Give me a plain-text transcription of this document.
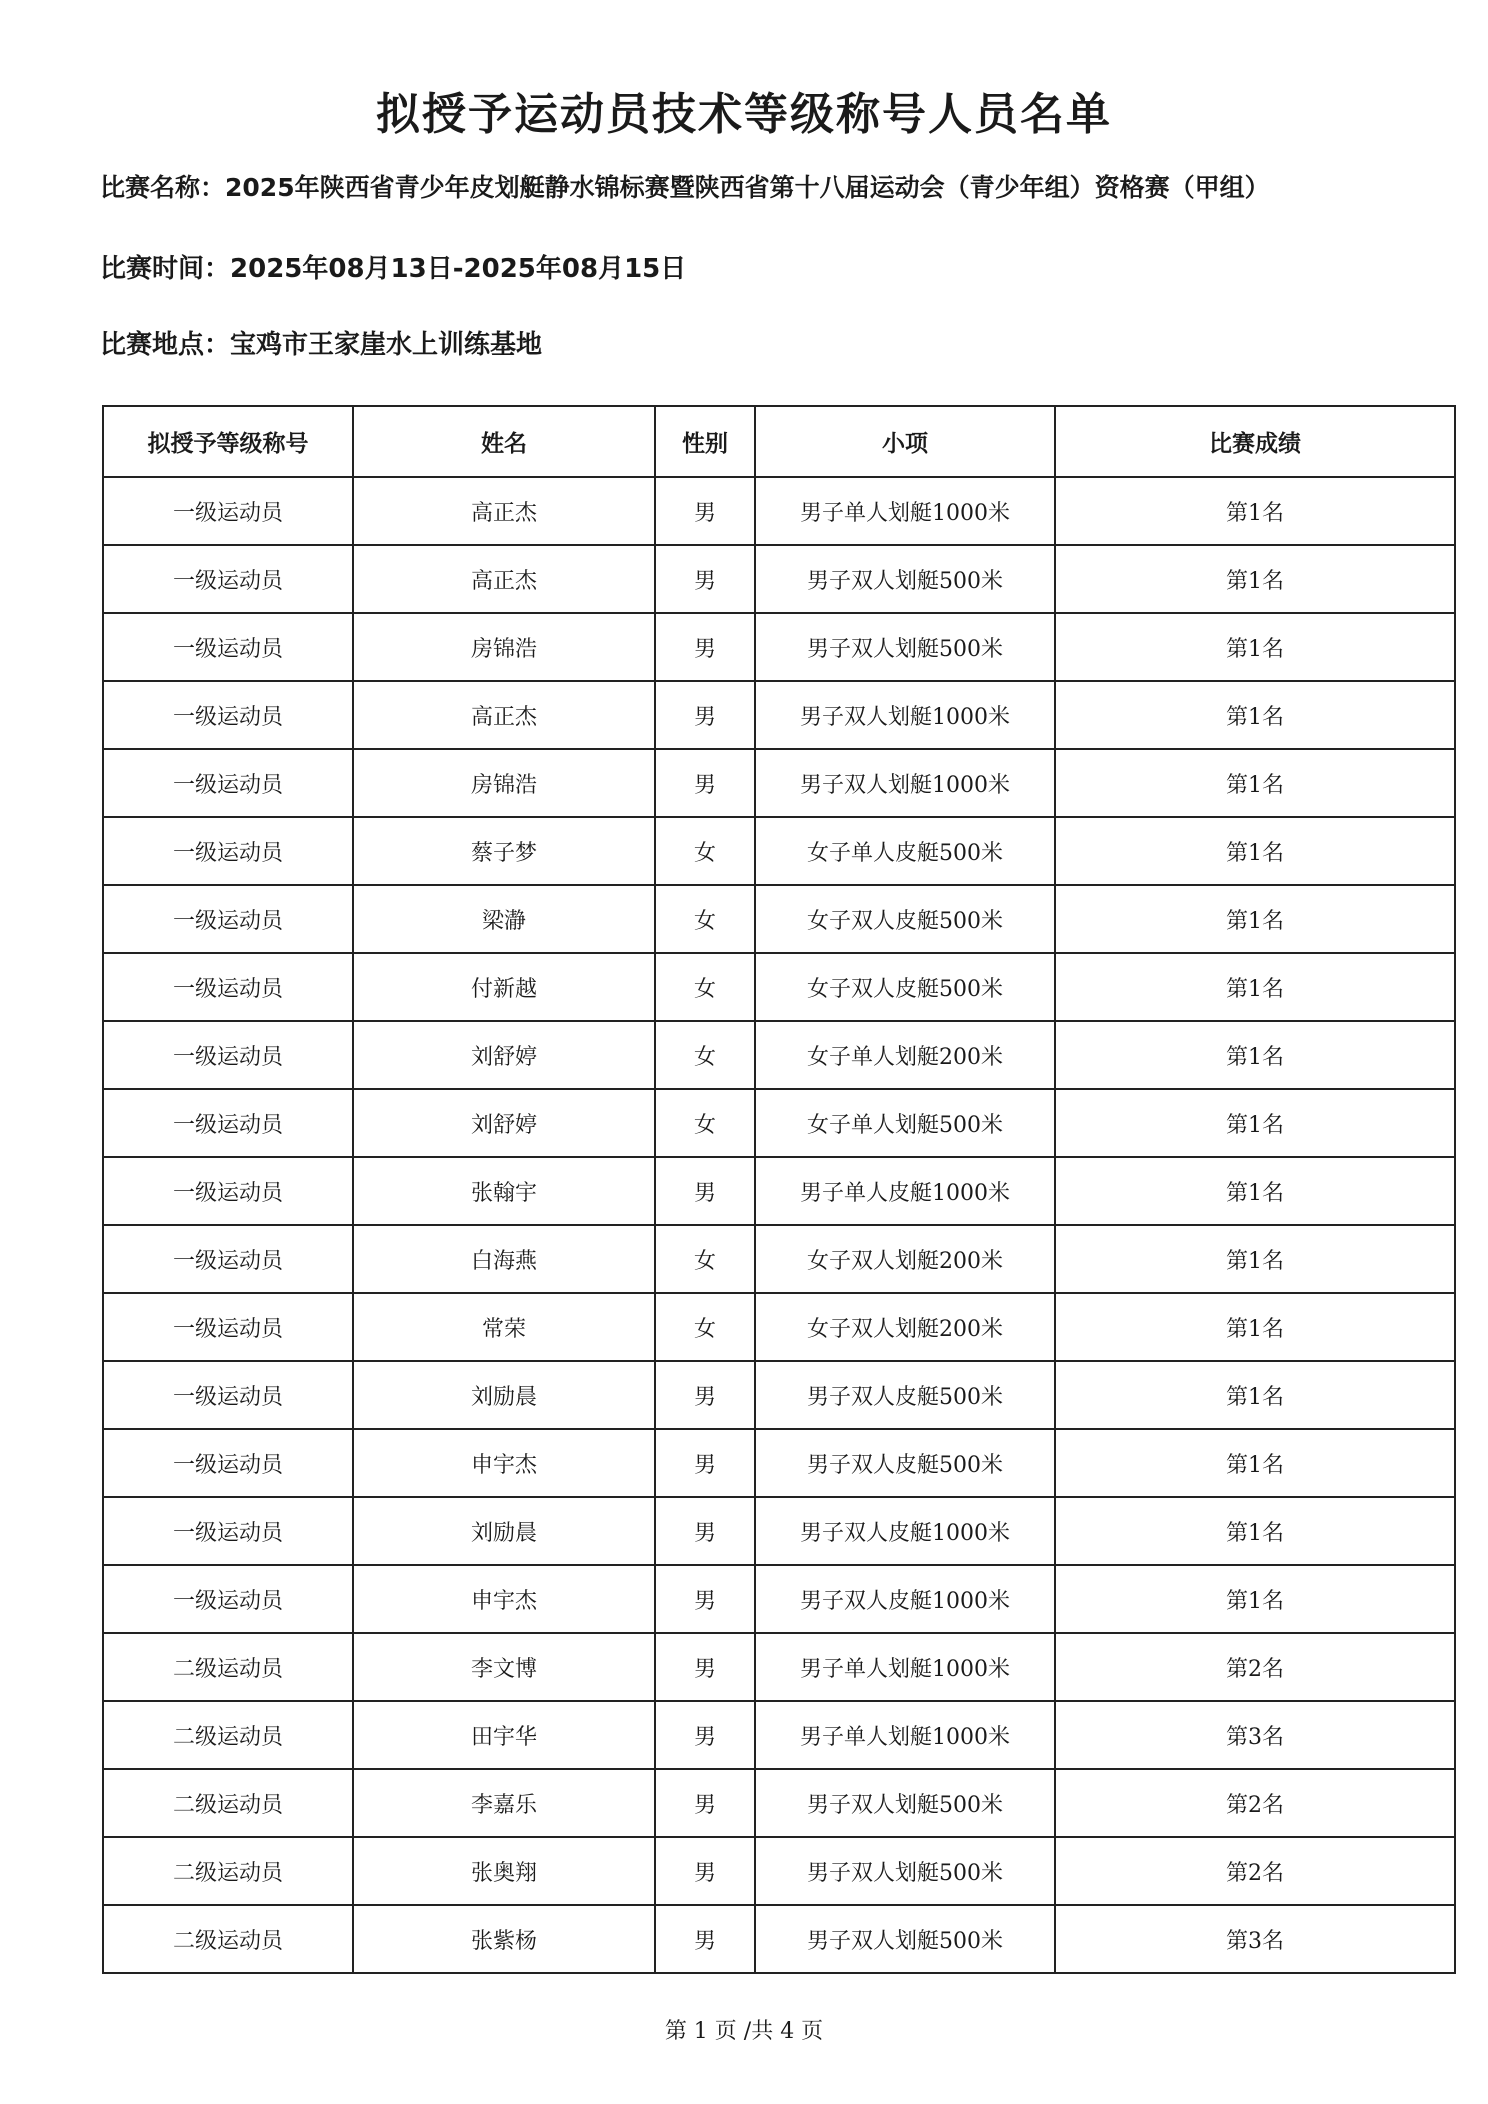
拟授予运动员技术等级称号人员名单
比赛名称：2025年陕西省青少年皮划艇静水锦标赛暨陕西省第十八届运动会（青少年组）资格赛（甲组）
比赛时间：2025年08月13日-2025年08月15日
比赛地点：宝鸡市王家崖水上训练基地
拟授予等级称号	姓名	性别	小项	比赛成绩
一级运动员	高正杰	男	男子单人划艇1000米	第1名
一级运动员	高正杰	男	男子双人划艇500米	第1名
一级运动员	房锦浩	男	男子双人划艇500米	第1名
一级运动员	高正杰	男	男子双人划艇1000米	第1名
一级运动员	房锦浩	男	男子双人划艇1000米	第1名
一级运动员	蔡子梦	女	女子单人皮艇500米	第1名
一级运动员	梁瀞	女	女子双人皮艇500米	第1名
一级运动员	付新越	女	女子双人皮艇500米	第1名
一级运动员	刘舒婷	女	女子单人划艇200米	第1名
一级运动员	刘舒婷	女	女子单人划艇500米	第1名
一级运动员	张翰宇	男	男子单人皮艇1000米	第1名
一级运动员	白海燕	女	女子双人划艇200米	第1名
一级运动员	常荣	女	女子双人划艇200米	第1名
一级运动员	刘励晨	男	男子双人皮艇500米	第1名
一级运动员	申宇杰	男	男子双人皮艇500米	第1名
一级运动员	刘励晨	男	男子双人皮艇1000米	第1名
一级运动员	申宇杰	男	男子双人皮艇1000米	第1名
二级运动员	李文博	男	男子单人划艇1000米	第2名
二级运动员	田宇华	男	男子单人划艇1000米	第3名
二级运动员	李嘉乐	男	男子双人划艇500米	第2名
二级运动员	张奥翔	男	男子双人划艇500米	第2名
二级运动员	张紫杨	男	男子双人划艇500米	第3名
第 1 页 /共 4 页
